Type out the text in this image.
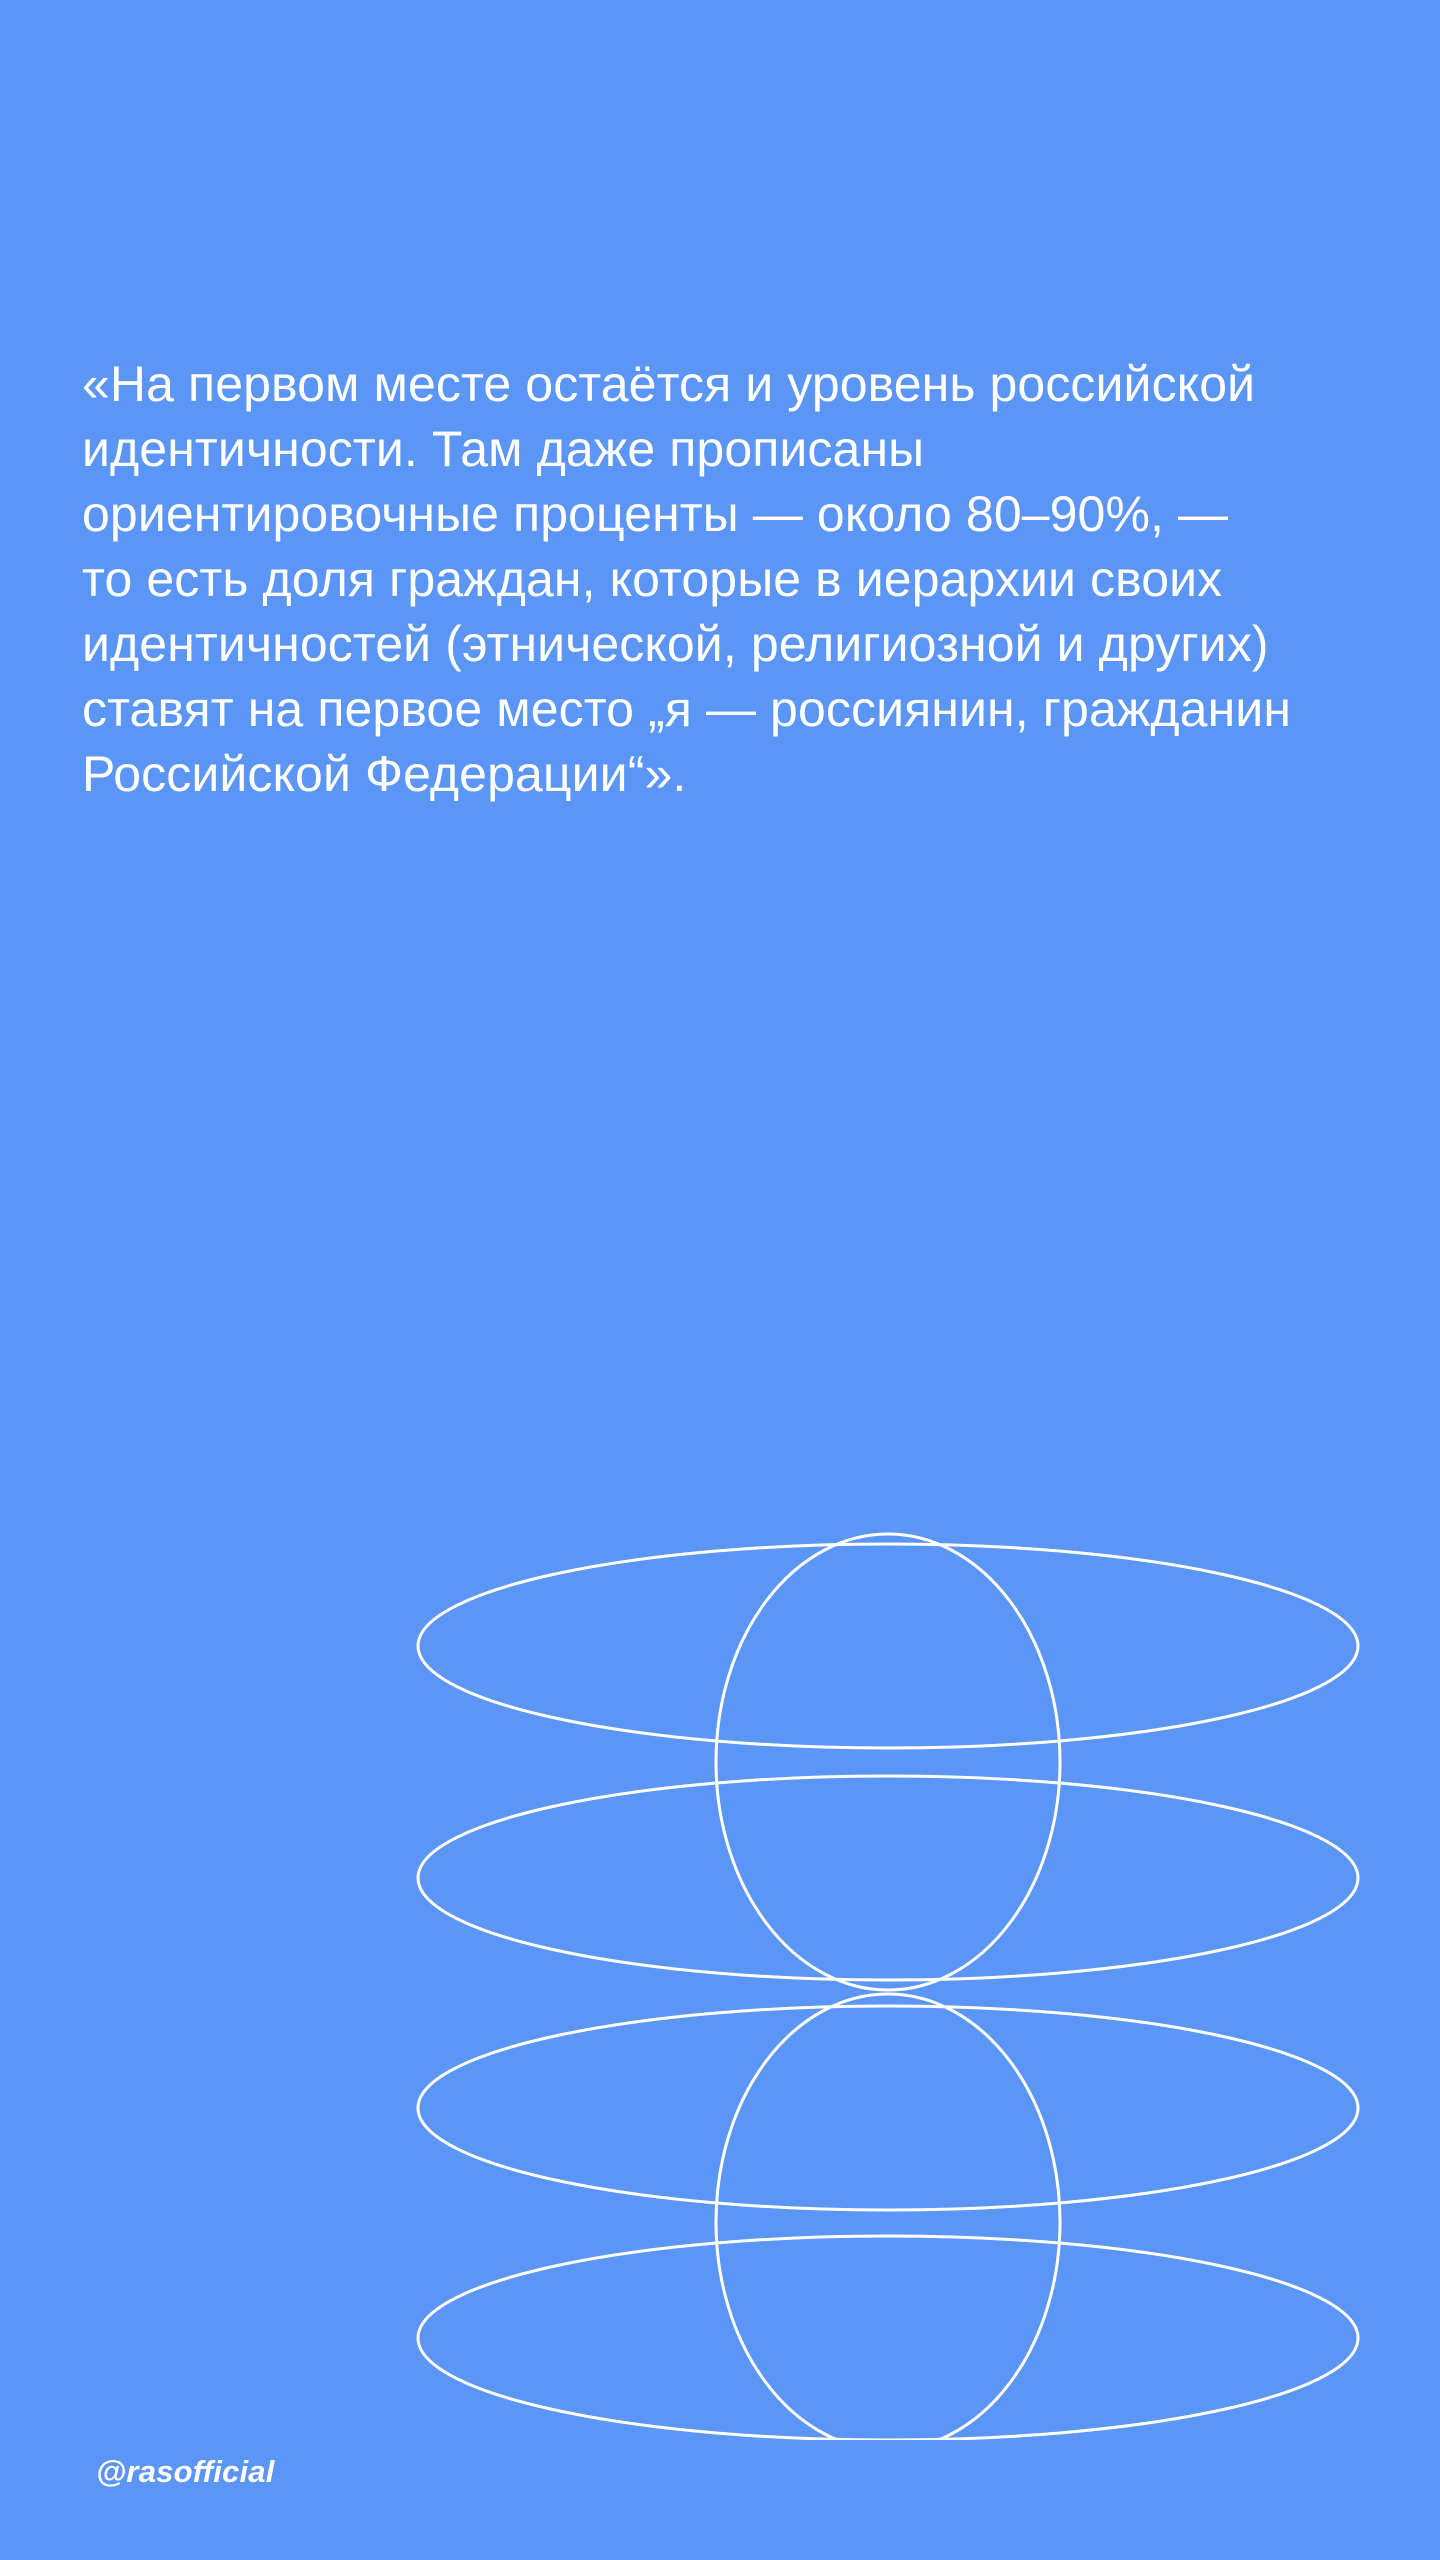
«На первом месте остаётся и уровень российской идентичности. Там даже прописаны ориентировочные проценты — около 80–90%, — то есть доля граждан, которые в иерархии своих идентичностей (этнической, религиозной и других) ставят на первое место „я — россиянин, гражданин Российской Федерации“».

@rasofficial
